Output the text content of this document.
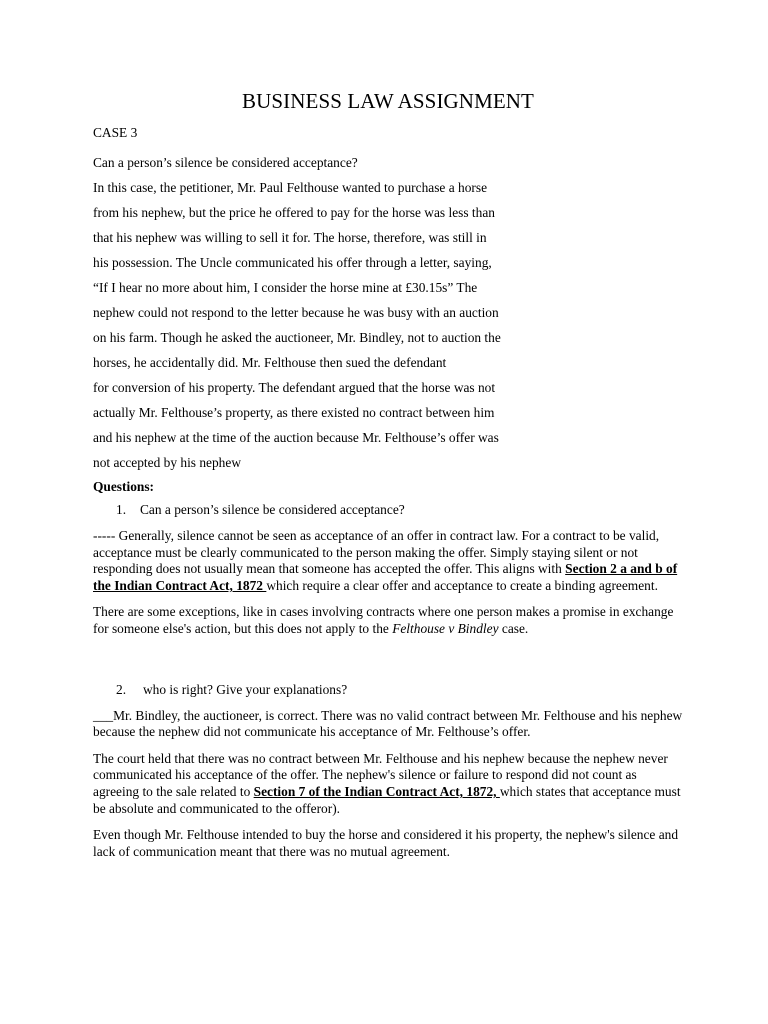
BUSINESS LAW ASSIGNMENT
CASE 3
Can a person’s silence be considered acceptance?
In this case, the petitioner, Mr. Paul Felthouse wanted to purchase a horse
from his nephew, but the price he offered to pay for the horse was less than
that his nephew was willing to sell it for. The horse, therefore, was still in
his possession. The Uncle communicated his offer through a letter, saying,
“If I hear no more about him, I consider the horse mine at £30.15s” The
nephew could not respond to the letter because he was busy with an auction
on his farm. Though he asked the auctioneer, Mr. Bindley, not to auction the
horses, he accidentally did. Mr. Felthouse then sued the defendant
for conversion of his property. The defendant argued that the horse was not
actually Mr. Felthouse’s property, as there existed no contract between him
and his nephew at the time of the auction because Mr. Felthouse’s offer was
not accepted by his nephew
Questions:
1. Can a person’s silence be considered acceptance?

----- Generally, silence cannot be seen as acceptance of an offer in contract law. For a contract to be valid, acceptance must be clearly communicated to the person making the offer. Simply staying silent or not responding does not usually mean that someone has accepted the offer. This aligns with Section 2 a and b of the Indian Contract Act, 1872 which require a clear offer and acceptance to create a binding agreement.

There are some exceptions, like in cases involving contracts where one person makes a promise in exchange for someone else's action, but this does not apply to the Felthouse v Bindley case.

2. who is right? Give your explanations?

___Mr. Bindley, the auctioneer, is correct. There was no valid contract between Mr. Felthouse and his nephew because the nephew did not communicate his acceptance of Mr. Felthouse’s offer.

The court held that there was no contract between Mr. Felthouse and his nephew because the nephew never communicated his acceptance of the offer. The nephew's silence or failure to respond did not count as agreeing to the sale related to Section 7 of the Indian Contract Act, 1872, which states that acceptance must be absolute and communicated to the offeror).

Even though Mr. Felthouse intended to buy the horse and considered it his property, the nephew's silence and lack of communication meant that there was no mutual agreement.
